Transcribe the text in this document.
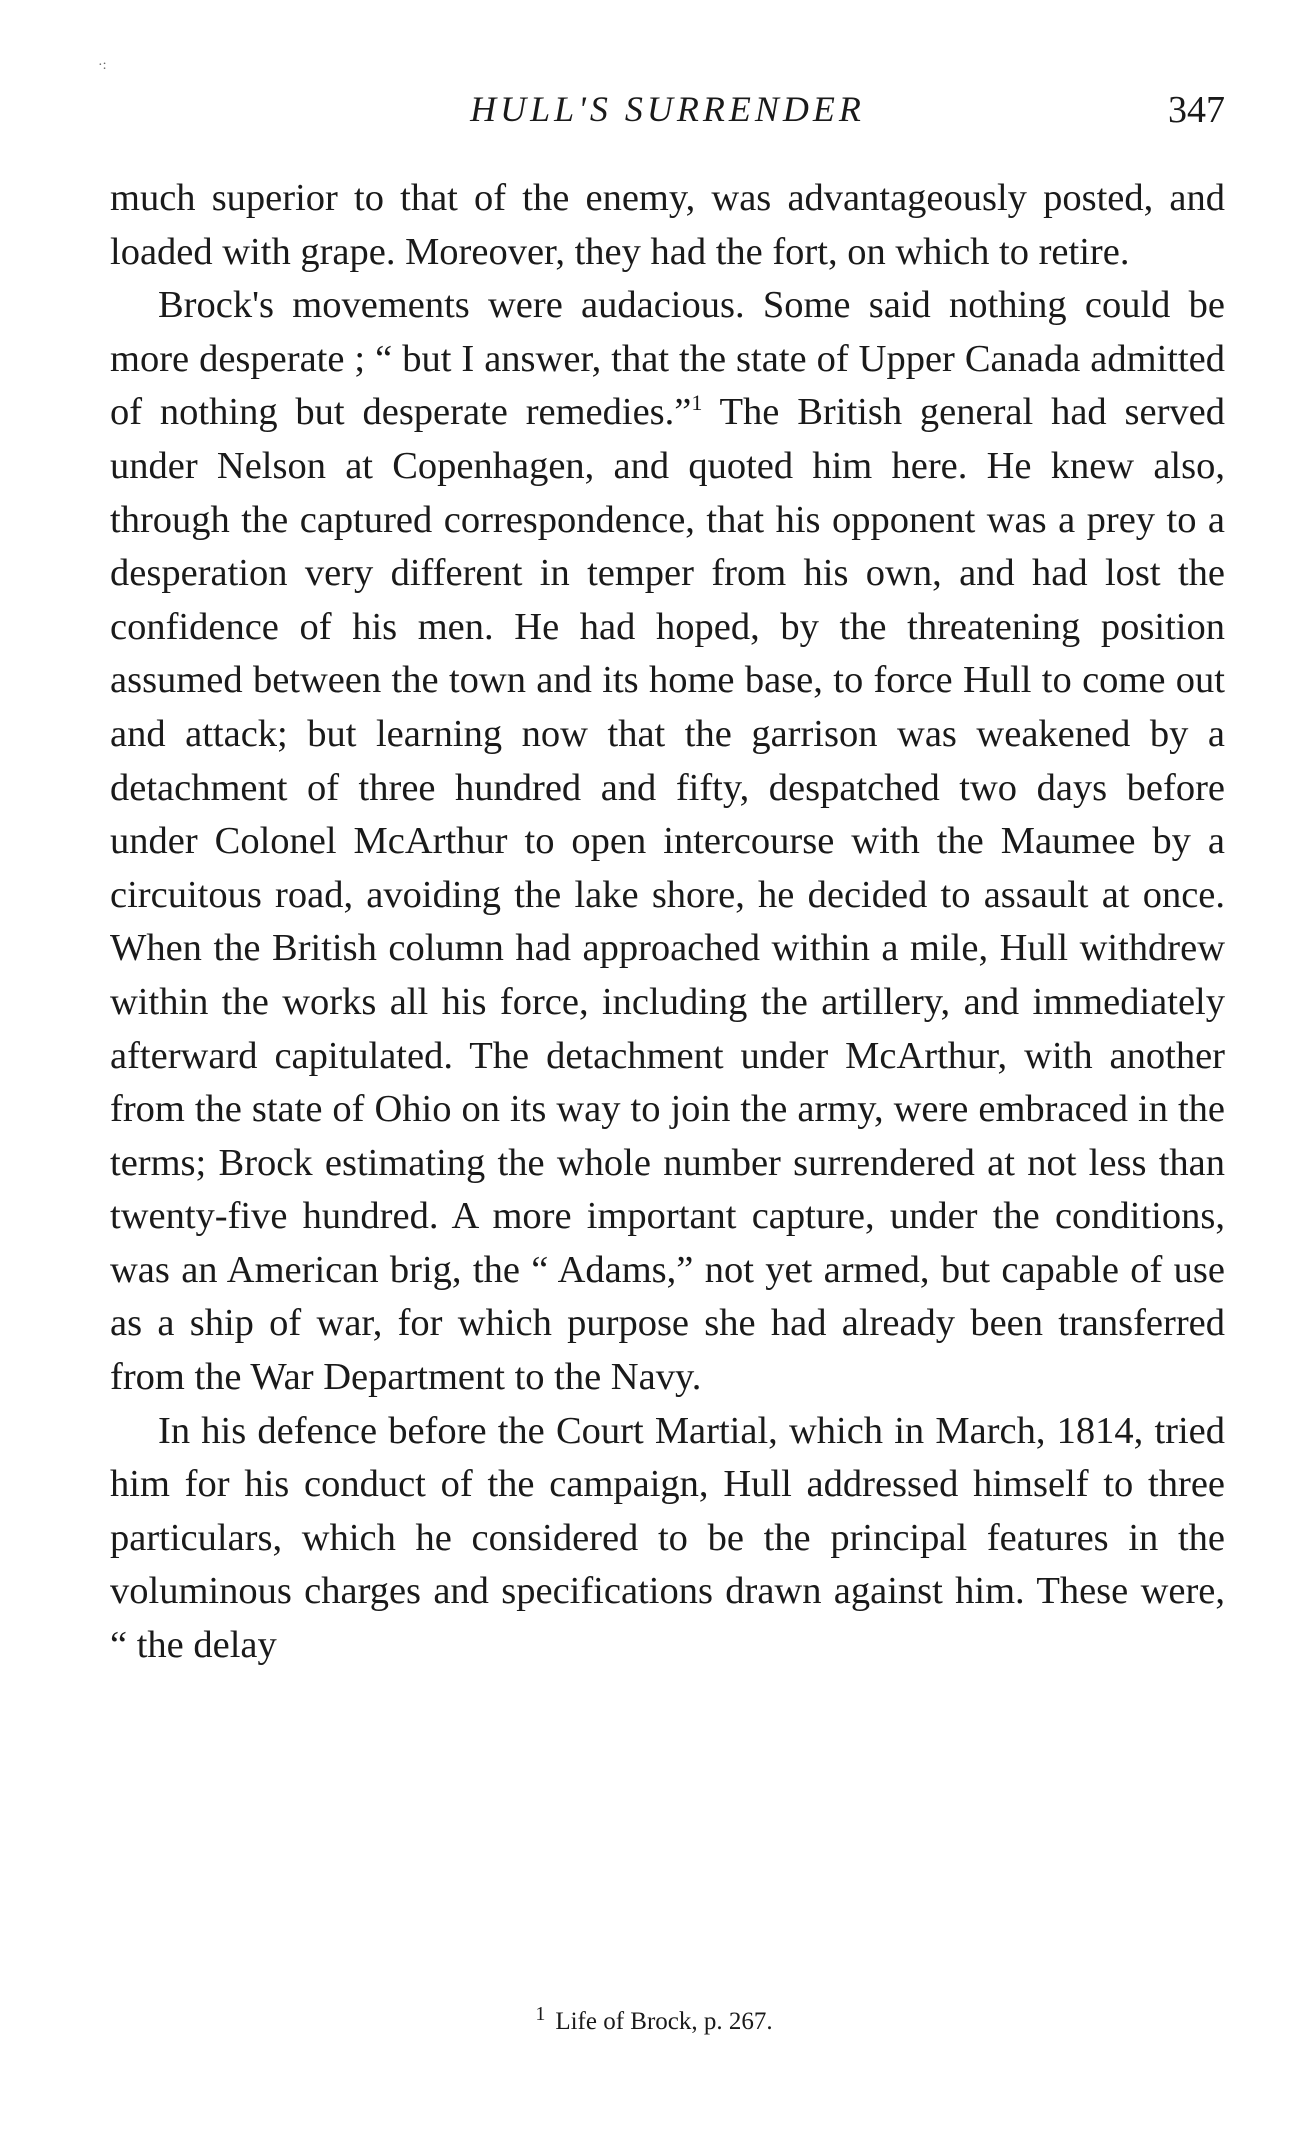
·:
HULL'S SURRENDER	347

much superior to that of the enemy, was advantageously posted, and loaded with grape. Moreover, they had the fort, on which to retire.

Brock's movements were audacious. Some said nothing could be more desperate ; “ but I answer, that the state of Upper Canada admitted of nothing but desperate remedies.”$^1$ The British general had served under Nelson at Copenhagen, and quoted him here. He knew also, through the captured correspondence, that his opponent was a prey to a desperation very different in temper from his own, and had lost the confidence of his men. He had hoped, by the threatening position assumed between the town and its home base, to force Hull to come out and attack; but learning now that the garrison was weakened by a detachment of three hundred and fifty, despatched two days before under Colonel McArthur to open intercourse with the Maumee by a circuitous road, avoiding the lake shore, he decided to assault at once. When the British column had approached within a mile, Hull withdrew within the works all his force, including the artillery, and immediately afterward capitulated. The detachment under McArthur, with another from the state of Ohio on its way to join the army, were embraced in the terms; Brock estimating the whole number surrendered at not less than twenty-five hundred. A more important capture, under the conditions, was an American brig, the “ Adams,” not yet armed, but capable of use as a ship of war, for which purpose she had already been transferred from the War Department to the Navy.

In his defence before the Court Martial, which in March, 1814, tried him for his conduct of the campaign, Hull addressed himself to three particulars, which he considered to be the principal features in the voluminous charges and specifications drawn against him. These were, “ the delay

$^1$ Life of Brock, p. 267.
